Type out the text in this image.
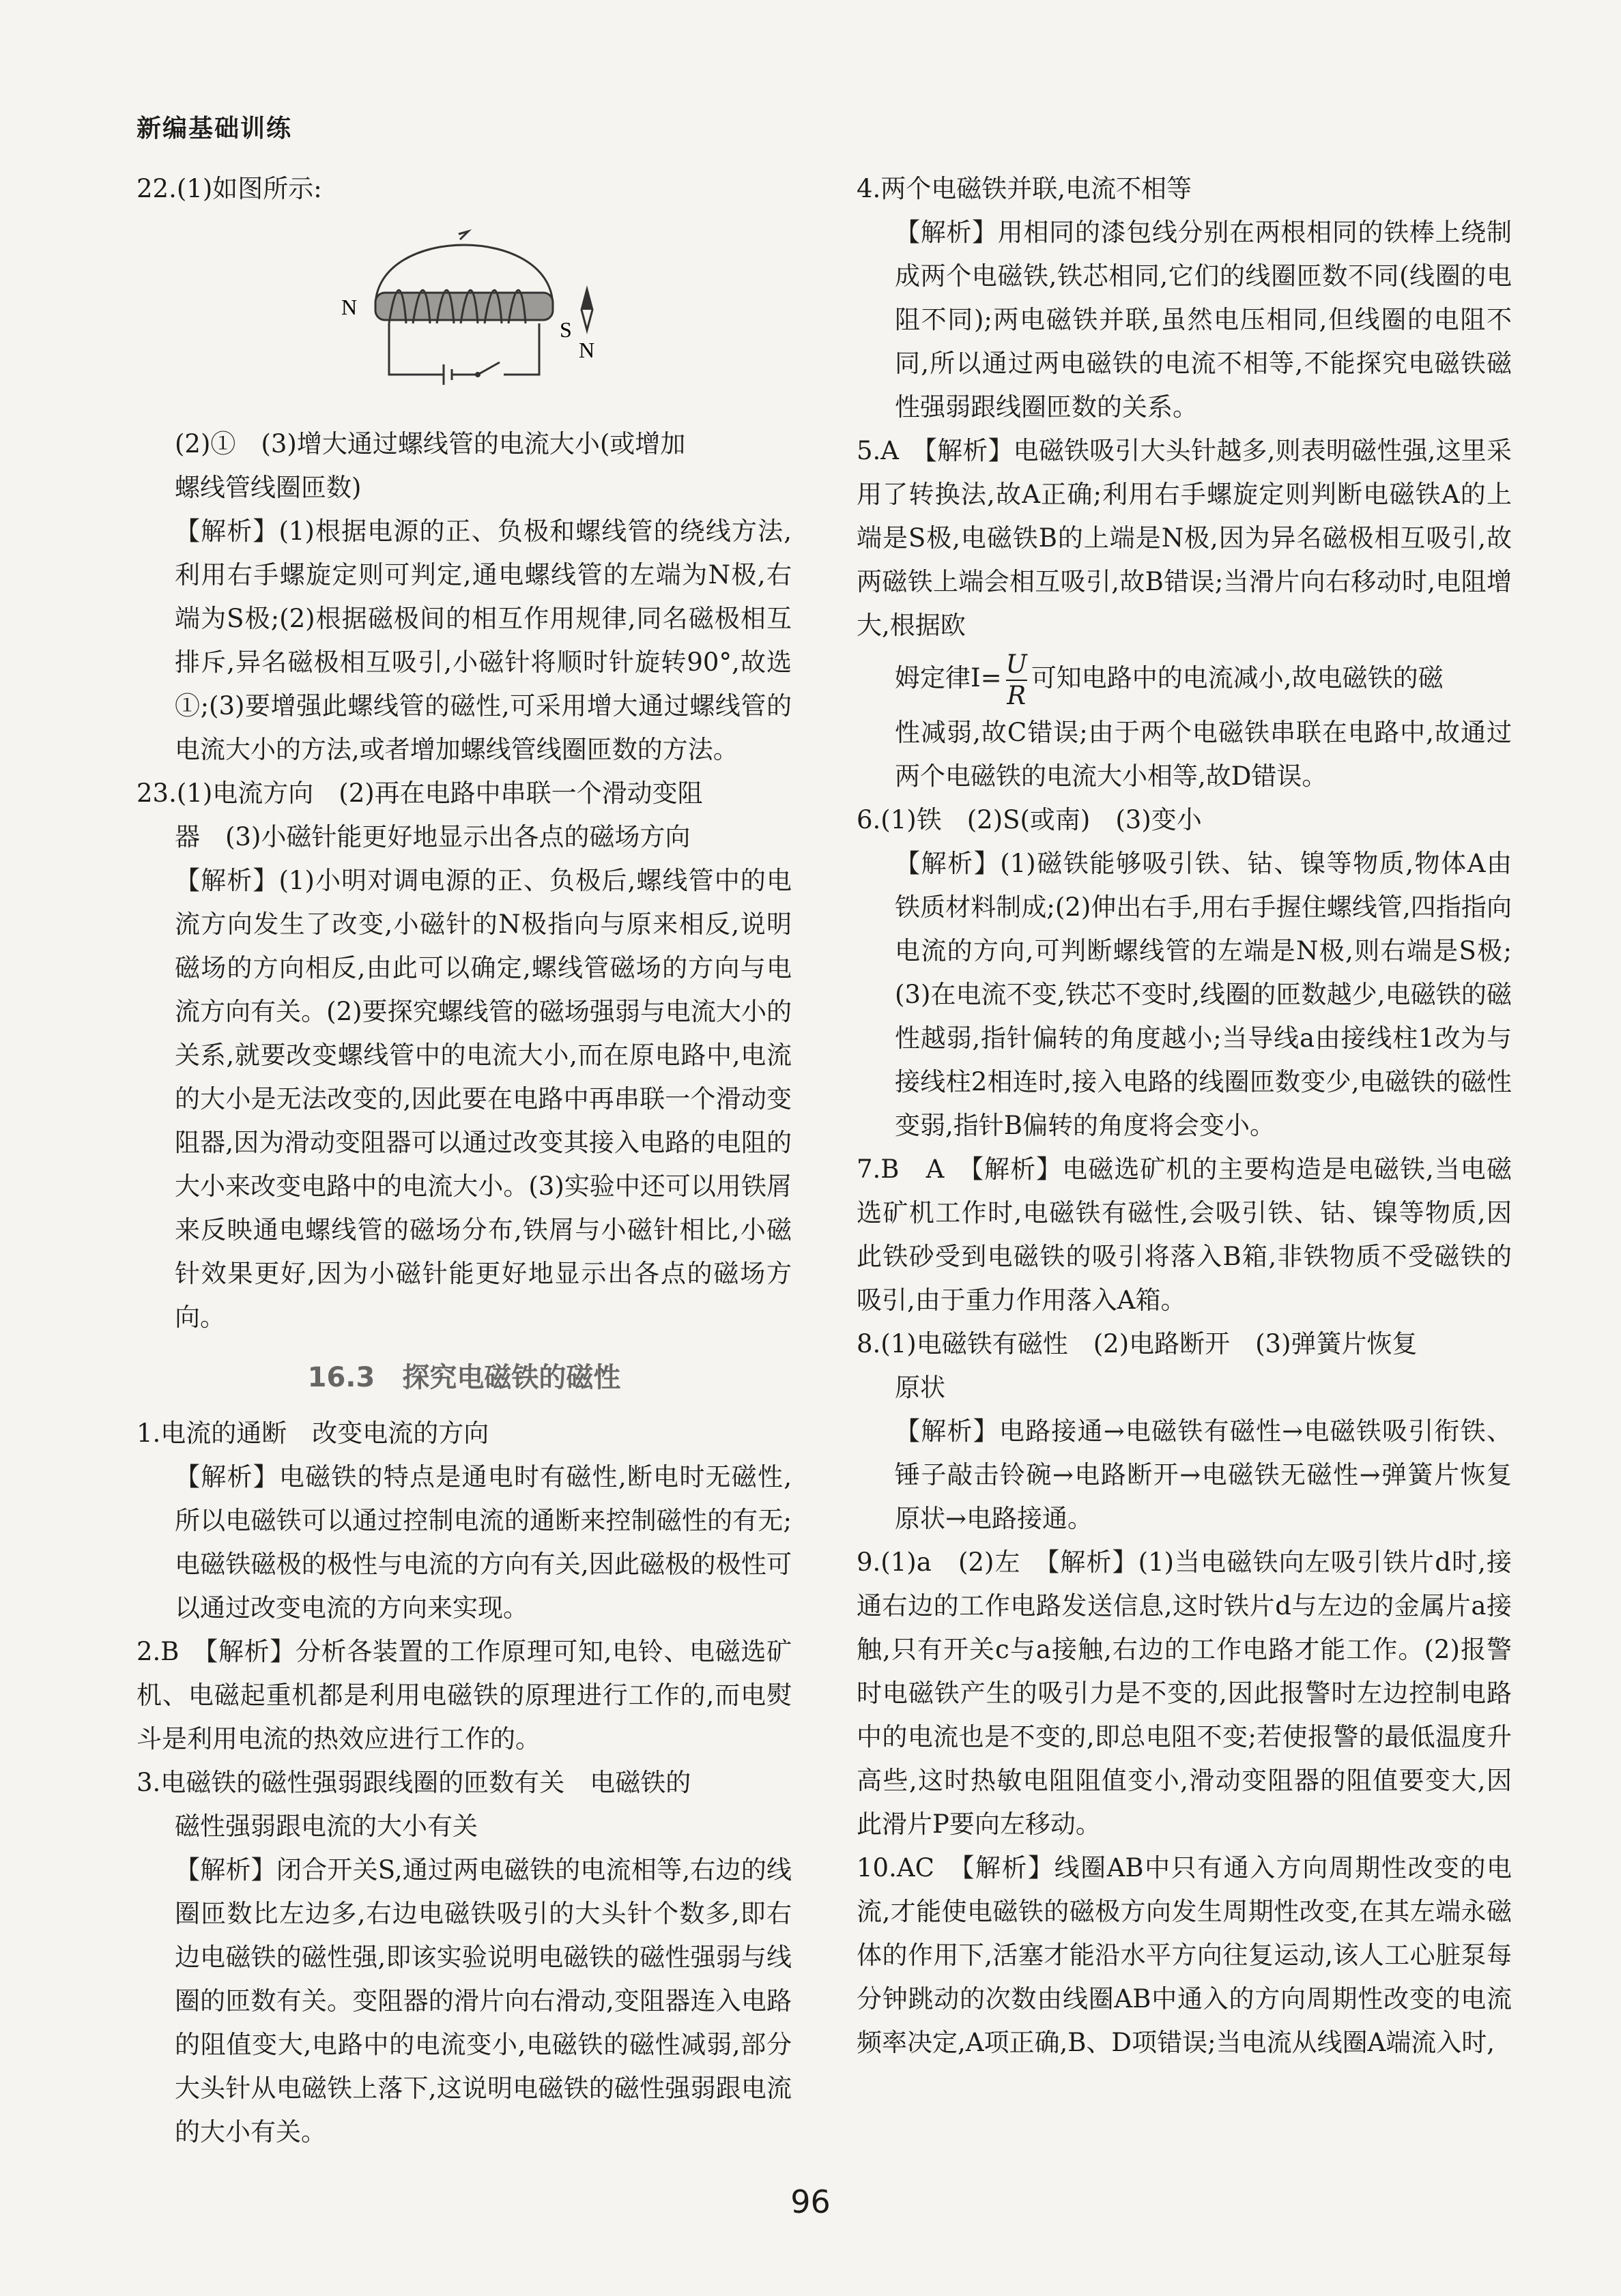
新编基础训练

22.(1)如图所示:

N
S
N

(2)①　(3)增大通过螺线管的电流大小(或增加

螺线管线圈匝数)

【解析】(1)根据电源的正、负极和螺线管的绕线方法,利用右手螺旋定则可判定,通电螺线管的左端为N极,右端为S极;(2)根据磁极间的相互作用规律,同名磁极相互排斥,异名磁极相互吸引,小磁针将顺时针旋转90°,故选①;(3)要增强此螺线管的磁性,可采用增大通过螺线管的电流大小的方法,或者增加螺线管线圈匝数的方法。

23.(1)电流方向　(2)再在电路中串联一个滑动变阻

器　(3)小磁针能更好地显示出各点的磁场方向

【解析】(1)小明对调电源的正、负极后,螺线管中的电流方向发生了改变,小磁针的N极指向与原来相反,说明磁场的方向相反,由此可以确定,螺线管磁场的方向与电流方向有关。(2)要探究螺线管的磁场强弱与电流大小的关系,就要改变螺线管中的电流大小,而在原电路中,电流的大小是无法改变的,因此要在电路中再串联一个滑动变阻器,因为滑动变阻器可以通过改变其接入电路的电阻的大小来改变电路中的电流大小。(3)实验中还可以用铁屑来反映通电螺线管的磁场分布,铁屑与小磁针相比,小磁针效果更好,因为小磁针能更好地显示出各点的磁场方向。

16.3　探究电磁铁的磁性

1.电流的通断　改变电流的方向

【解析】电磁铁的特点是通电时有磁性,断电时无磁性,所以电磁铁可以通过控制电流的通断来控制磁性的有无;电磁铁磁极的极性与电流的方向有关,因此磁极的极性可以通过改变电流的方向来实现。

2.B　【解析】分析各装置的工作原理可知,电铃、电磁选矿机、电磁起重机都是利用电磁铁的原理进行工作的,而电熨斗是利用电流的热效应进行工作的。

3.电磁铁的磁性强弱跟线圈的匝数有关　电磁铁的

磁性强弱跟电流的大小有关

【解析】闭合开关S,通过两电磁铁的电流相等,右边的线圈匝数比左边多,右边电磁铁吸引的大头针个数多,即右边电磁铁的磁性强,即该实验说明电磁铁的磁性强弱与线圈的匝数有关。变阻器的滑片向右滑动,变阻器连入电路的阻值变大,电路中的电流变小,电磁铁的磁性减弱,部分大头针从电磁铁上落下,这说明电磁铁的磁性强弱跟电流的大小有关。

4.两个电磁铁并联,电流不相等

【解析】用相同的漆包线分别在两根相同的铁棒上绕制成两个电磁铁,铁芯相同,它们的线圈匝数不同(线圈的电阻不同);两电磁铁并联,虽然电压相同,但线圈的电阻不同,所以通过两电磁铁的电流不相等,不能探究电磁铁磁性强弱跟线圈匝数的关系。

5.A　【解析】电磁铁吸引大头针越多,则表明磁性强,这里采用了转换法,故A正确;利用右手螺旋定则判断电磁铁A的上端是S极,电磁铁B的上端是N极,因为异名磁极相互吸引,故两磁铁上端会相互吸引,故B错误;当滑片向右移动时,电阻增大,根据欧

姆定律$I= \frac{U}{R}$ 可知电路中的电流减小,故电磁铁的磁

性减弱,故C错误;由于两个电磁铁串联在电路中,故通过两个电磁铁的电流大小相等,故D错误。

6.(1)铁　(2)S(或南)　(3)变小

【解析】(1)磁铁能够吸引铁、钴、镍等物质,物体A由铁质材料制成;(2)伸出右手,用右手握住螺线管,四指指向电流的方向,可判断螺线管的左端是N极,则右端是S极;(3)在电流不变,铁芯不变时,线圈的匝数越少,电磁铁的磁性越弱,指针偏转的角度越小;当导线a由接线柱1改为与接线柱2相连时,接入电路的线圈匝数变少,电磁铁的磁性变弱,指针B偏转的角度将会变小。

7.B　A　【解析】电磁选矿机的主要构造是电磁铁,当电磁选矿机工作时,电磁铁有磁性,会吸引铁、钴、镍等物质,因此铁砂受到电磁铁的吸引将落入B箱,非铁物质不受磁铁的吸引,由于重力作用落入A箱。

8.(1)电磁铁有磁性　(2)电路断开　(3)弹簧片恢复

原状

【解析】电路接通→电磁铁有磁性→电磁铁吸引衔铁、锤子敲击铃碗→电路断开→电磁铁无磁性→弹簧片恢复原状→电路接通。

9.(1)a　(2)左　【解析】(1)当电磁铁向左吸引铁片d时,接通右边的工作电路发送信息,这时铁片d与左边的金属片a接触,只有开关c与a接触,右边的工作电路才能工作。(2)报警时电磁铁产生的吸引力是不变的,因此报警时左边控制电路中的电流也是不变的,即总电阻不变;若使报警的最低温度升高些,这时热敏电阻阻值变小,滑动变阻器的阻值要变大,因此滑片P要向左移动。

10.AC　【解析】线圈AB中只有通入方向周期性改变的电流,才能使电磁铁的磁极方向发生周期性改变,在其左端永磁体的作用下,活塞才能沿水平方向往复运动,该人工心脏泵每分钟跳动的次数由线圈AB中通入的方向周期性改变的电流频率决定,A项正确,B、D项错误;当电流从线圈A端流入时,

96
